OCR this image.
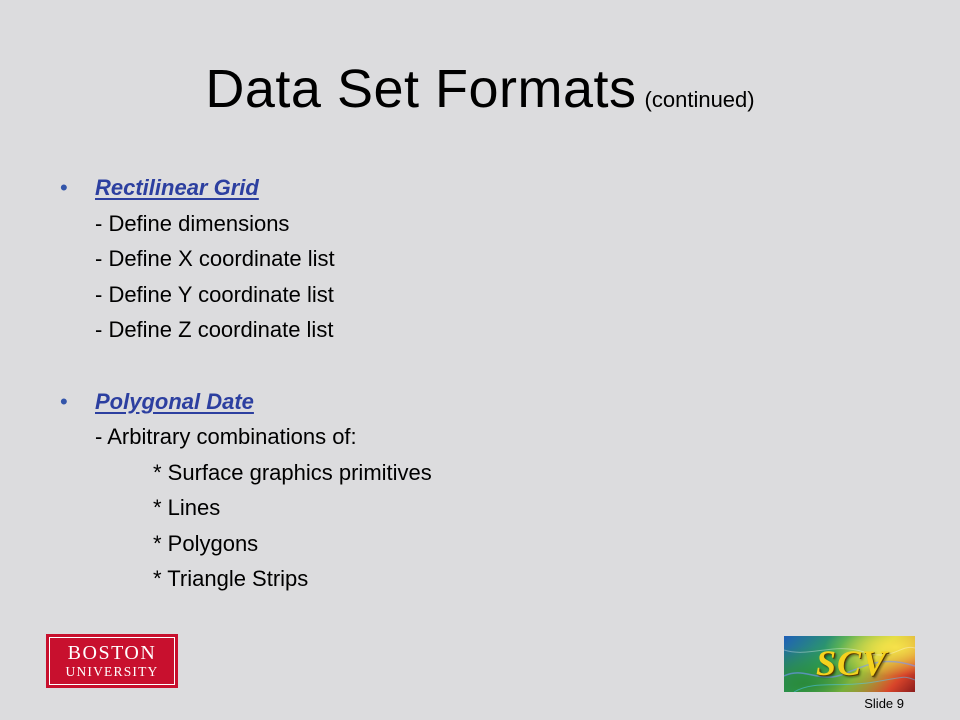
Data Set Formats (continued)
• Rectilinear Grid
- Define dimensions
- Define X coordinate list
- Define Y coordinate list
- Define Z coordinate list
• Polygonal Date
- Arbitrary combinations of:
* Surface graphics primitives
* Lines
* Polygons
* Triangle Strips
BOSTON
UNIVERSITY	SCV
Slide 9
